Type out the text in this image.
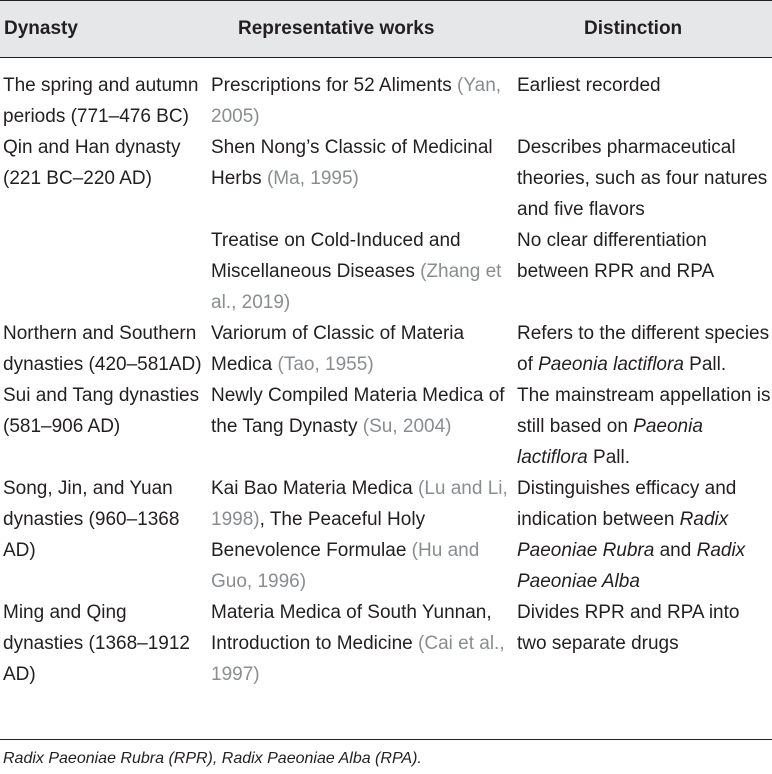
Dynasty	Representative works	Distinction
The spring and autumn periods (771–476 BC)	Prescriptions for 52 Aliments (Yan, 2005)	Earliest recorded
Qin and Han dynasty (221 BC–220 AD)	Shen Nong’s Classic of Medicinal Herbs (Ma, 1995)	Describes pharmaceutical theories, such as four natures and five flavors
	Treatise on Cold-Induced and Miscellaneous Diseases (Zhang et al., 2019)	No clear differentiation between RPR and RPA
Northern and Southern dynasties (420–581AD)	Variorum of Classic of Materia Medica (Tao, 1955)	Refers to the different species of Paeonia lactiflora Pall.
Sui and Tang dynasties (581–906 AD)	Newly Compiled Materia Medica of the Tang Dynasty (Su, 2004)	The mainstream appellation is still based on Paeonia lactiflora Pall.
Song, Jin, and Yuan dynasties (960–1368 AD)	Kai Bao Materia Medica (Lu and Li, 1998), The Peaceful Holy Benevolence Formulae (Hu and Guo, 1996)	Distinguishes efficacy and indication between Radix Paeoniae Rubra and Radix Paeoniae Alba
Ming and Qing dynasties (1368–1912 AD)	Materia Medica of South Yunnan, Introduction to Medicine (Cai et al., 1997)	Divides RPR and RPA into two separate drugs
Radix Paeoniae Rubra (RPR), Radix Paeoniae Alba (RPA).
